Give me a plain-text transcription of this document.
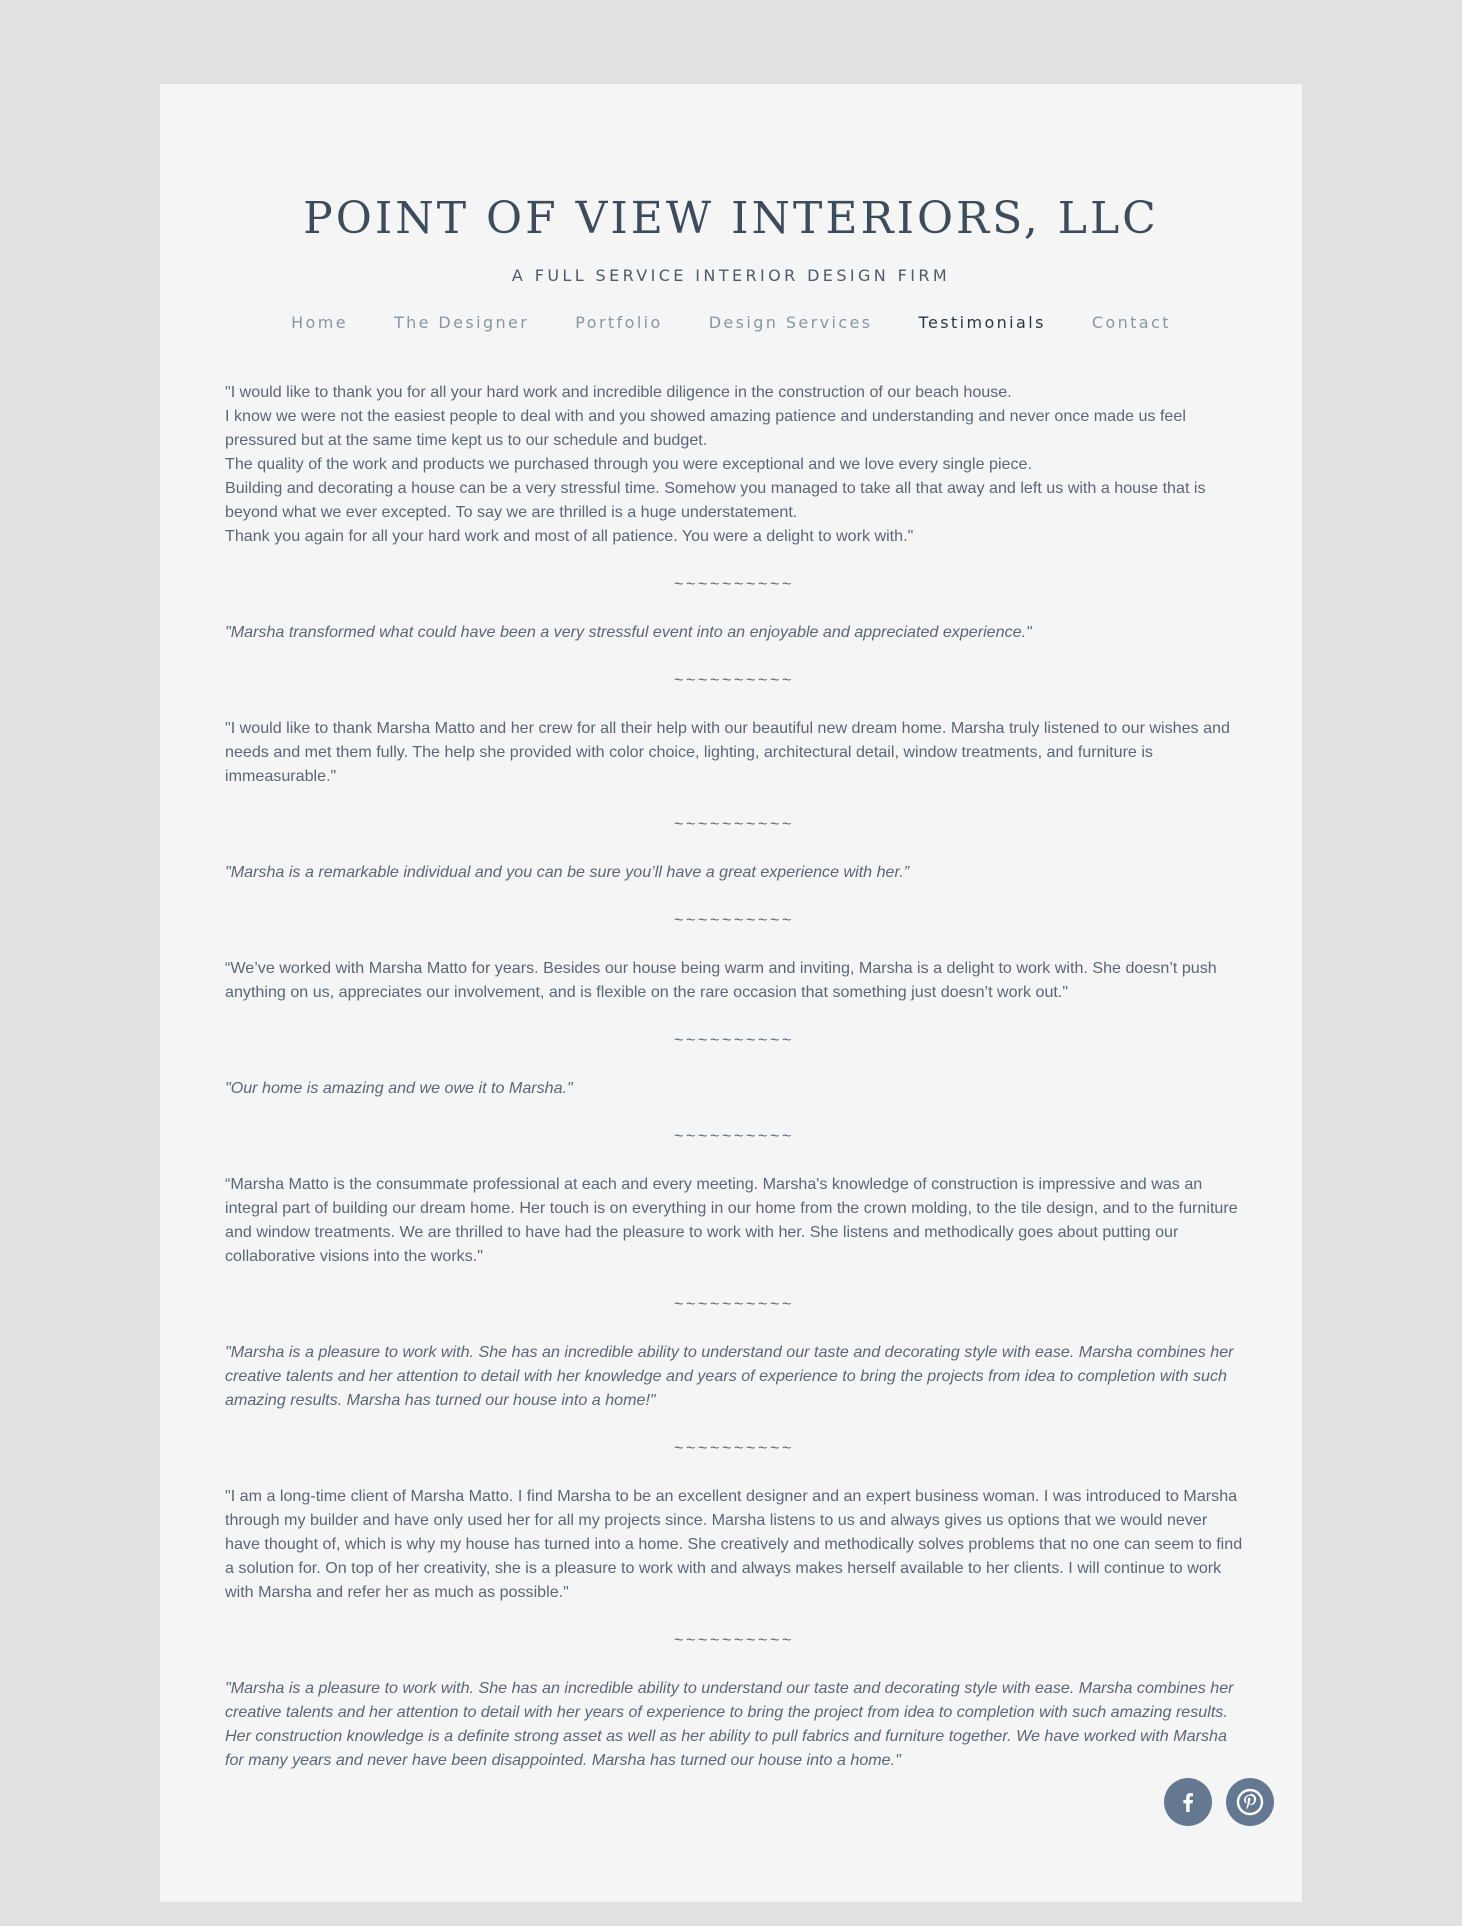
POINT OF VIEW INTERIORS, LLC

A FULL SERVICE INTERIOR DESIGN FIRM

Home	The Designer	Portfolio	Design Services	Testimonials	Contact

"I would like to thank you for all your hard work and incredible diligence in the construction of our beach house.

I know we were not the easiest people to deal with and you showed amazing patience and understanding and never once made us feel pressured but at the same time kept us to our schedule and budget.

The quality of the work and products we purchased through you were exceptional and we love every single piece.

Building and decorating a house can be a very stressful time. Somehow you managed to take all that away and left us with a house that is beyond what we ever excepted. To say we are thrilled is a huge understatement.

Thank you again for all your hard work and most of all patience. You were a delight to work with."

~~~~~~~~~~

"Marsha transformed what could have been a very stressful event into an enjoyable and appreciated experience."

~~~~~~~~~~

"I would like to thank Marsha Matto and her crew for all their help with our beautiful new dream home. Marsha truly listened to our wishes and needs and met them fully. The help she provided with color choice, lighting, architectural detail, window treatments, and furniture is immeasurable."

~~~~~~~~~~

"Marsha is a remarkable individual and you can be sure you’ll have a great experience with her.”

~~~~~~~~~~

“We’ve worked with Marsha Matto for years. Besides our house being warm and inviting, Marsha is a delight to work with. She doesn’t push anything on us, appreciates our involvement, and is flexible on the rare occasion that something just doesn’t work out."

~~~~~~~~~~

"Our home is amazing and we owe it to Marsha."

~~~~~~~~~~

“Marsha Matto is the consummate professional at each and every meeting. Marsha's knowledge of construction is impressive and was an integral part of building our dream home. Her touch is on everything in our home from the crown molding, to the tile design, and to the furniture and window treatments. We are thrilled to have had the pleasure to work with her. She listens and methodically goes about putting our collaborative visions into the works."

~~~~~~~~~~

"Marsha is a pleasure to work with. She has an incredible ability to understand our taste and decorating style with ease. Marsha combines her creative talents and her attention to detail with her knowledge and years of experience to bring the projects from idea to completion with such amazing results. Marsha has turned our house into a home!"

~~~~~~~~~~

"I am a long-time client of Marsha Matto. I find Marsha to be an excellent designer and an expert business woman. I was introduced to Marsha through my builder and have only used her for all my projects since. Marsha listens to us and always gives us options that we would never have thought of, which is why my house has turned into a home. She creatively and methodically solves problems that no one can seem to find a solution for. On top of her creativity, she is a pleasure to work with and always makes herself available to her clients. I will continue to work with Marsha and refer her as much as possible."

~~~~~~~~~~

"Marsha is a pleasure to work with. She has an incredible ability to understand our taste and decorating style with ease. Marsha combines her creative talents and her attention to detail with her years of experience to bring the project from idea to completion with such amazing results. Her construction knowledge is a definite strong asset as well as her ability to pull fabrics and furniture together. We have worked with Marsha for many years and never have been disappointed. Marsha has turned our house into a home."
